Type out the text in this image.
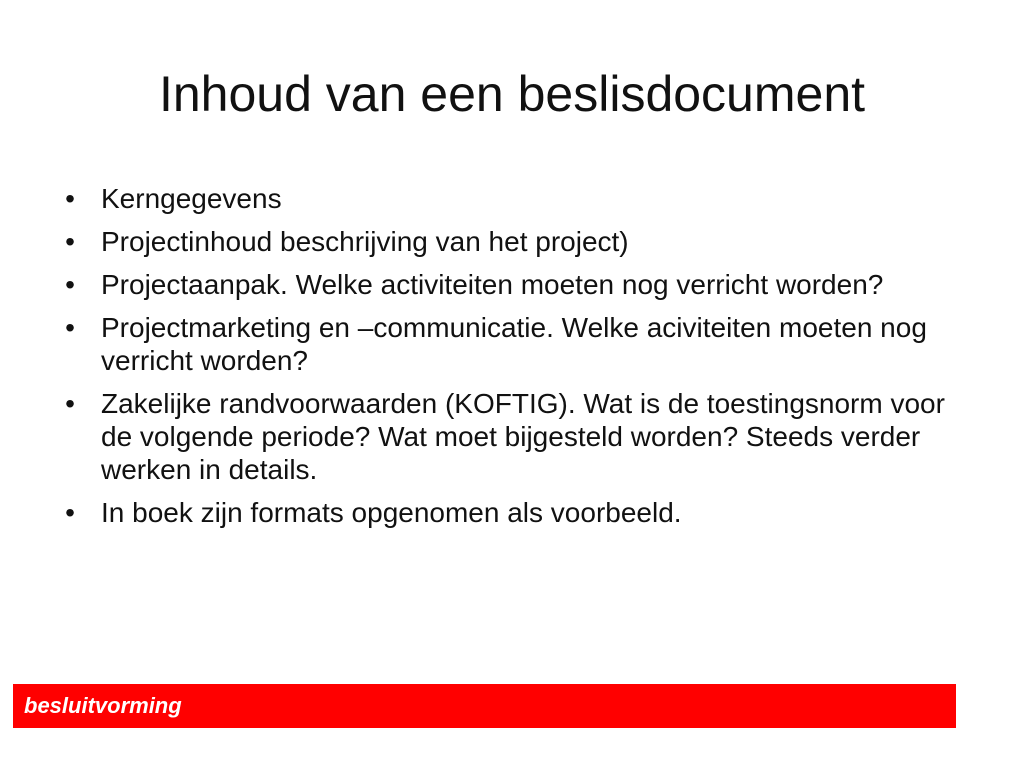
Inhoud van een beslisdocument
• Kerngegevens
• Projectinhoud beschrijving van het project)
• Projectaanpak. Welke activiteiten moeten nog verricht worden?
• Projectmarketing en –communicatie. Welke aciviteiten moeten nog verricht worden?
• Zakelijke randvoorwaarden (KOFTIG). Wat is de toestingsnorm voor de volgende periode? Wat moet bijgesteld worden? Steeds verder werken in details.
• In boek zijn formats opgenomen als voorbeeld.
besluitvorming
